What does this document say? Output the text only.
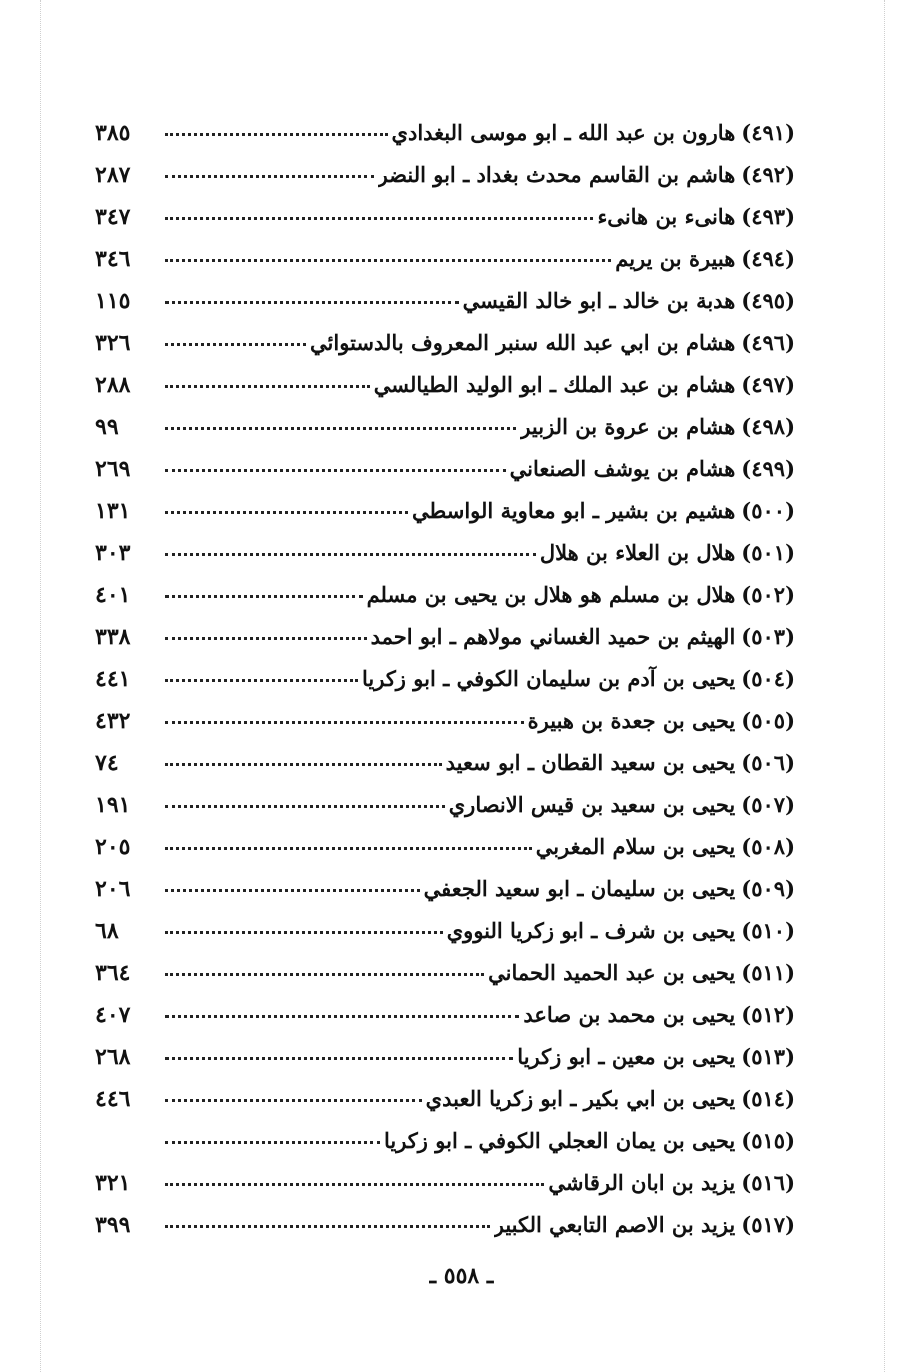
(٤٩١)
هارون بن عبد الله ـ ابو موسى البغدادي
٣٨٥
(٤٩٢)
هاشم بن القاسم محدث بغداد ـ ابو النضر
٢٨٧
(٤٩٣)
هانىء بن هانىء
٣٤٧
(٤٩٤)
هبيرة بن يريم
٣٤٦
(٤٩٥)
هدبة بن خالد ـ ابو خالد القيسي
١١٥
(٤٩٦)
هشام بن ابي عبد الله سنبر المعروف بالدستوائي
٣٢٦
(٤٩٧)
هشام بن عبد الملك ـ ابو الوليد الطيالسي
٢٨٨
(٤٩٨)
هشام بن عروة بن الزبير
٩٩
(٤٩٩)
هشام بن يوشف الصنعاني
٢٦٩
(٥٠٠)
هشيم بن بشير ـ ابو معاوية الواسطي
١٣١
(٥٠١)
هلال بن العلاء بن هلال
٣٠٣
(٥٠٢)
هلال بن مسلم هو هلال بن يحيى بن مسلم
٤٠١
(٥٠٣)
الهيثم بن حميد الغساني مولاهم ـ ابو احمد
٣٣٨
(٥٠٤)
يحيى بن آدم بن سليمان الكوفي ـ ابو زكريا
٤٤١
(٥٠٥)
يحيى بن جعدة بن هبيرة
٤٣٢
(٥٠٦)
يحيى بن سعيد القطان ـ ابو سعيد
٧٤
(٥٠٧)
يحيى بن سعيد بن قيس الانصاري
١٩١
(٥٠٨)
يحيى بن سلام المغربي
٢٠٥
(٥٠٩)
يحيى بن سليمان ـ ابو سعيد الجعفي
٢٠٦
(٥١٠)
يحيى بن شرف ـ ابو زكريا النووي
٦٨
(٥١١)
يحيى بن عبد الحميد الحماني
٣٦٤
(٥١٢)
يحيى بن محمد بن صاعد
٤٠٧
(٥١٣)
يحيى بن معين ـ ابو زكريا
٢٦٨
(٥١٤)
يحيى بن ابي بكير ـ ابو زكريا العبدي
٤٤٦
(٥١٥)
يحيى بن يمان العجلي الكوفي ـ ابو زكريا
(٥١٦)
يزيد بن ابان الرقاشي
٣٢١
(٥١٧)
يزيد بن الاصم التابعي الكبير
٣٩٩
ـ ٥٥٨ ـ
